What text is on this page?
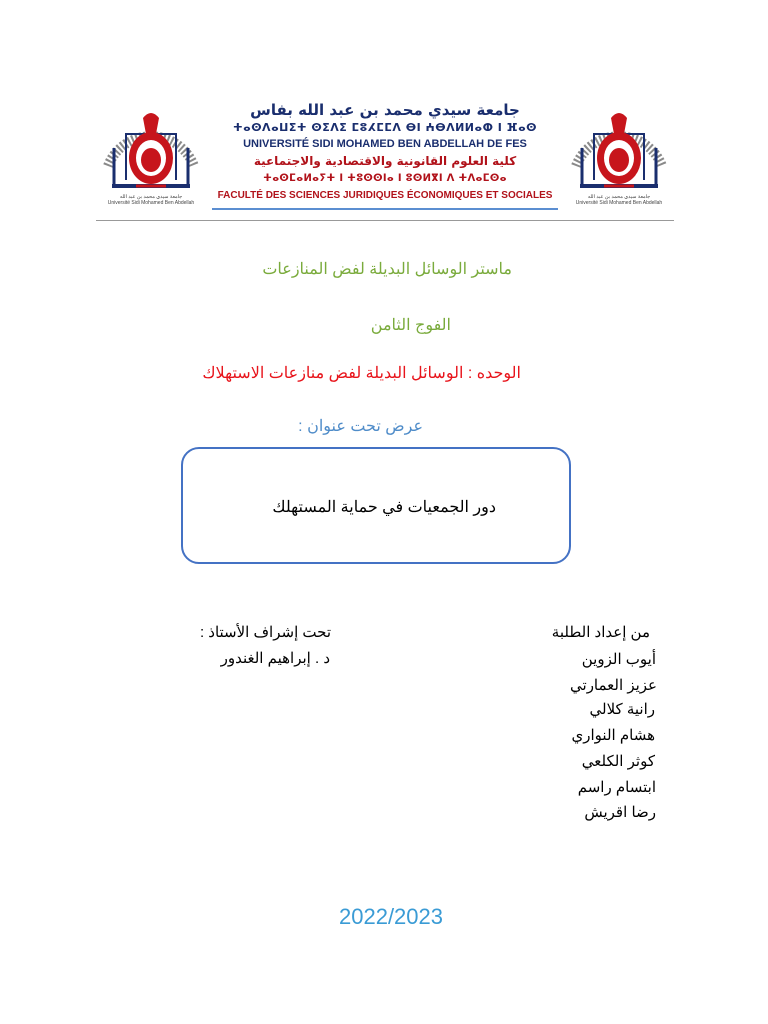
جامعة سيدي محمد بن عبد الله
Université Sidi Mohamed Ben Abdellah
جامعة سيدي محمد بن عبد الله بفاس
ⵜⴰⵙⴷⴰⵡⵉⵜ ⵙⵉⴷⵉ ⵎⵓⵃⵎⵎⴷ ⴱⵏ ⵄⴱⴷⵍⵍⴰⵀ ⵏ ⴼⴰⵙ
UNIVERSITÉ SIDI MOHAMED BEN ABDELLAH DE FES
كلية العلوم القانونية والاقتصادية والاجتماعية
ⵜⴰⵙⵎⴰⵍⴰⵢⵜ ⵏ ⵜⵓⵙⵙⵏⴰ ⵏ ⵓⵙⵍⴳⵏ ⴷ ⵜⴷⴰⵎⵙⴰ
FACULTÉ DES SCIENCES JURIDIQUES ÉCONOMIQUES ET SOCIALES	جامعة سيدي محمد بن عبد الله
Université Sidi Mohamed Ben Abdellah
ماستر الوسائل البديلة لفض المنازعات
الفوج الثامن
الوحده : الوسائل البديلة لفض منازعات الاستهلاك
عرض تحت عنوان :
دور الجمعيات في حماية المستهلك
تحت إشراف الأستاذ :
د . إبراهيم الغندور
من إعداد الطلبة
أيوب الزوين
عزيز العمارتي
رانية كلالي
هشام النواري
كوثر الكلعي
ابتسام راسم
رضا اقريش
2022/2023
